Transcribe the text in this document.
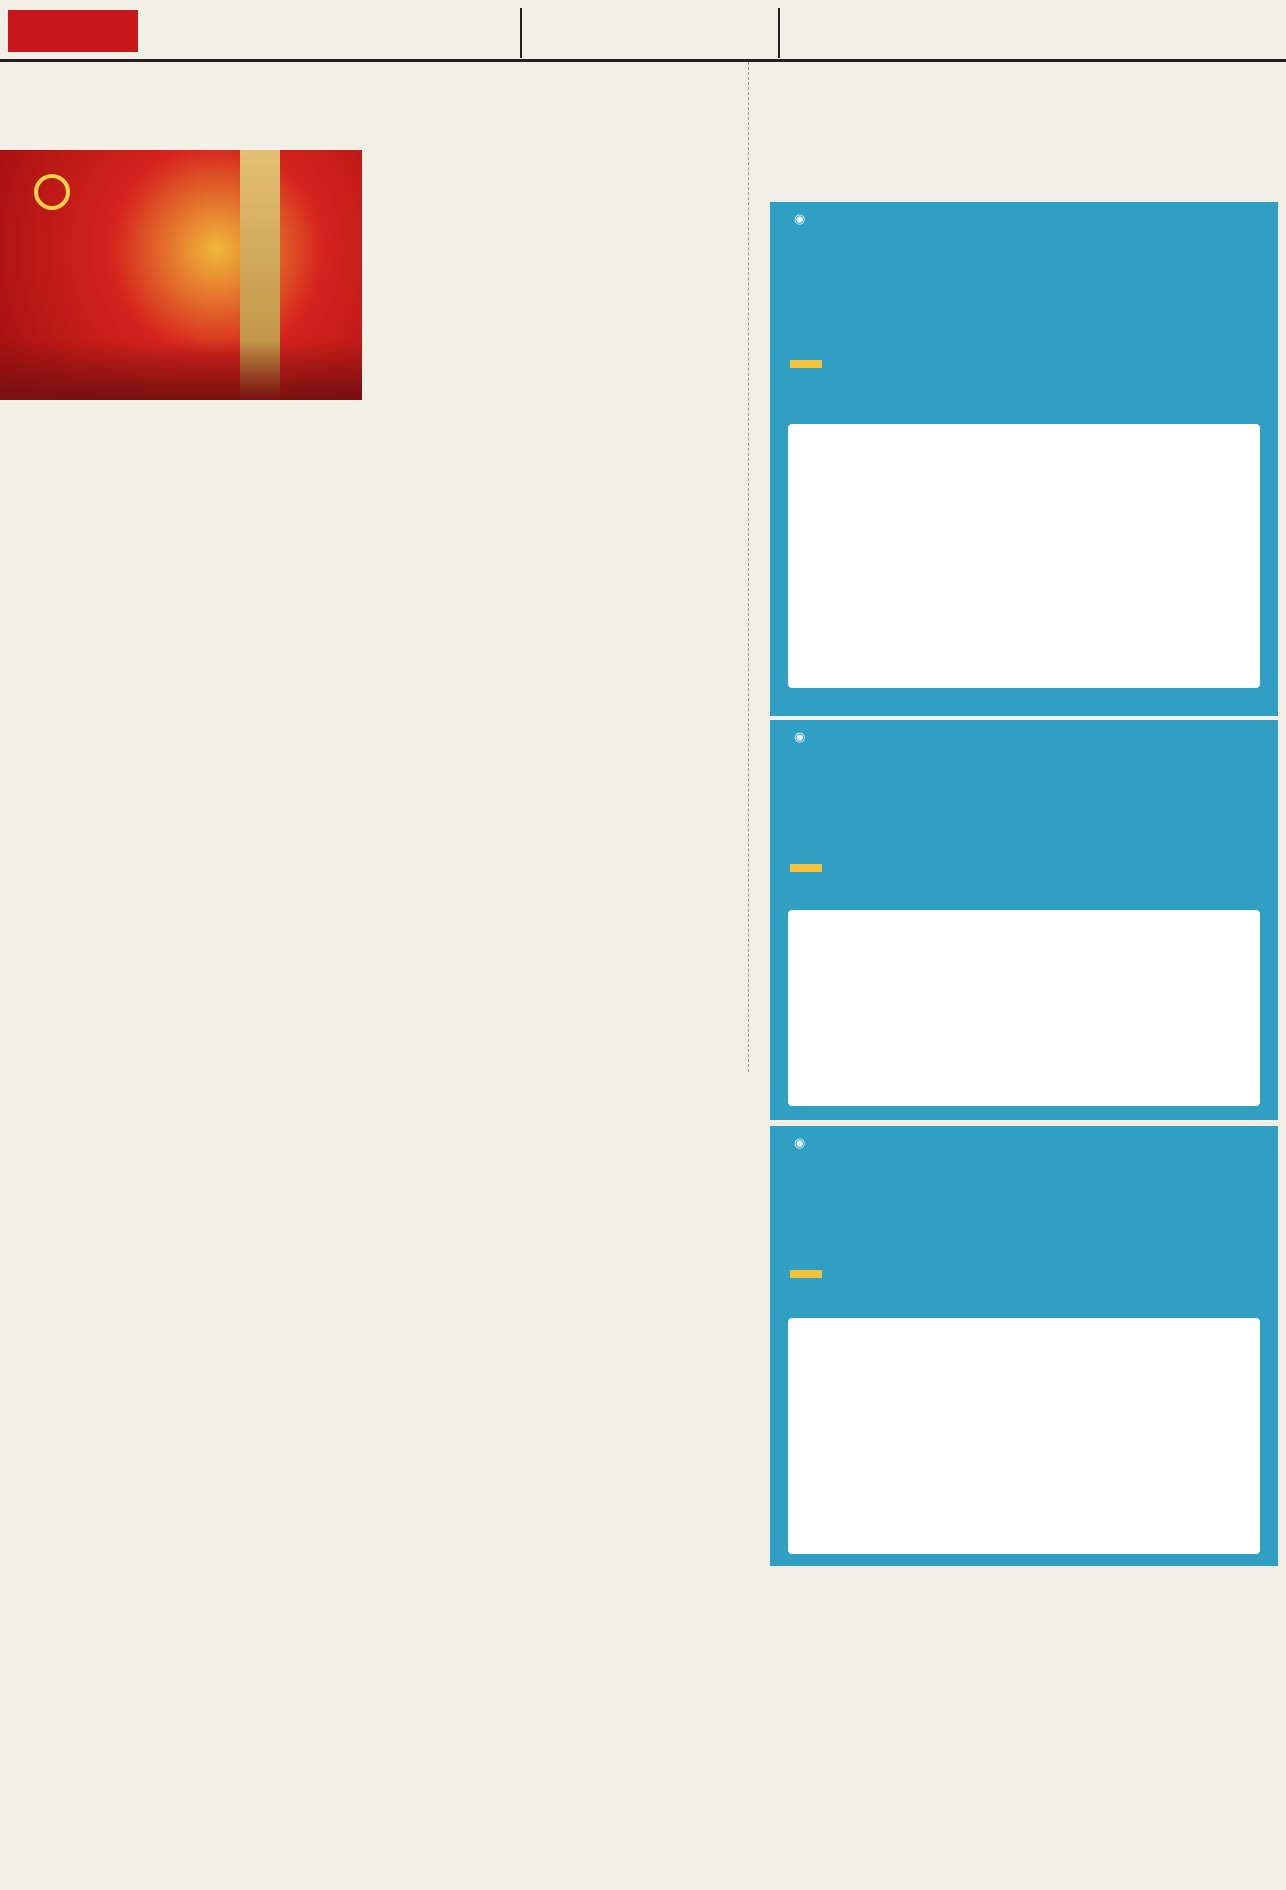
◉
◉
◉
